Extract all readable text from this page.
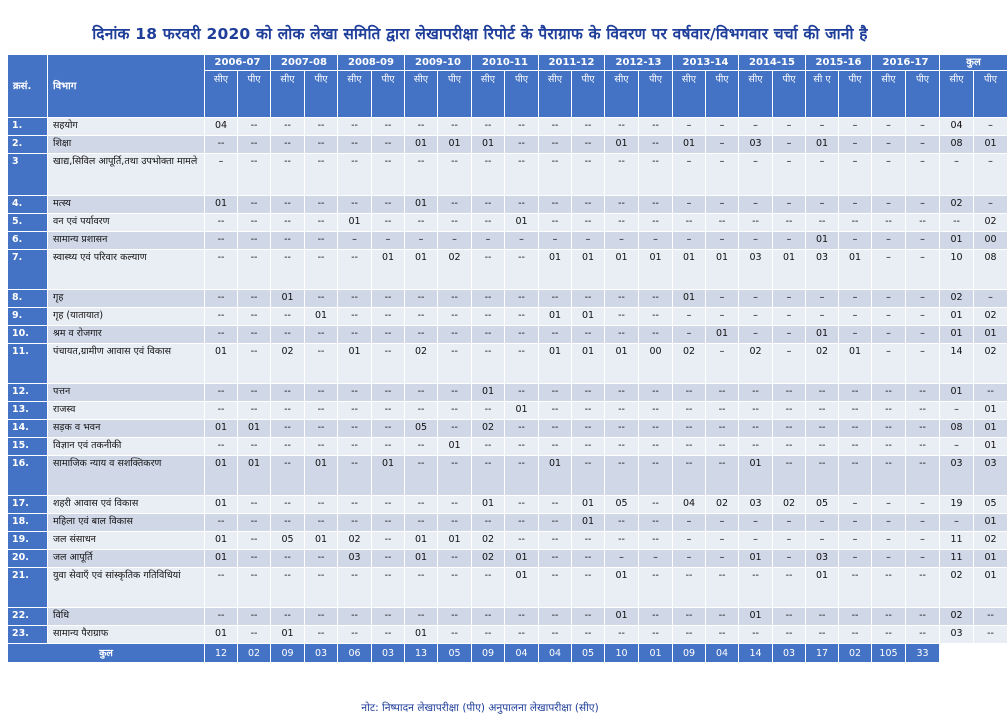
दिनांक 18 फरवरी 2020 को लोक लेखा समिति द्वारा लेखापरीक्षा रिपोर्ट के पैराग्राफ के विवरण पर वर्षवार/विभगवार चर्चा की जानी है
क्रसं.	विभाग	2006-07		2007-08		2008-09		2009-10		2010-11		2011-12		2012-13		2013-14		2014-15		2015-16		2016-17		कुल	
		सीए	पीए	सीए	पीए	सीए	पीए	सीए	पीए	सीए	पीए	सीए	पीए	सीए	पीए	सीए	पीए	सीए	पीए	सी ए	पीए	सीए	पीए	सीए	पीए
1.	सहयोग	04	--	--	--	--	--	--	--	--	--	--	--	--	--	–	–	–	–	–	–	–	–	04	–
2.	शिक्षा	--	--	--	--	--	--	01	01	01	--	--	--	01	--	01	–	03	–	01	–	–	–	08	01
3	खाद्य,सिविल आपूर्ति,तथा उपभोक्ता मामले	–	--	--	--	--	--	--	--	--	--	--	--	--	--	–	–	–	–	–	–	–	–	–	–
4.	मत्स्य	01	--	--	--	--	--	01	--	--	--	--	--	--	--	–	–	–	–	–	–	–	–	02	–
5.	वन एवं पर्यावरण	--	--	--	--	01	--	--	--	--	01	--	--	--	--	--	--	--	--	--	--	--	--	--	02
6.	सामान्य प्रशासन	--	--	--	--	–	–	–	–	–	–	–	–	–	–	–	–	–	–	01	–	–	–	01	00
7.	स्वास्थ्य एवं परिवार कल्याण	--	--	--	--	--	01	01	02	--	--	01	01	01	01	01	01	03	01	03	01	–	–	10	08
8.	गृह	--	--	01	--	--	--	--	--	--	--	--	--	--	--	01	–	–	–	–	–	–	–	02	–
9.	गृह (यातायात)	--	--	--	01	--	--	--	--	--	--	01	01	--	--	–	–	–	–	–	–	–	–	01	02
10.	श्रम व रोजगार	--	--	--	--	--	--	--	--	--	--	--	--	--	--	–	01	–	–	01	–	–	–	01	01
11.	पंचायत,ग्रामीण आवास एवं विकास	01	--	02	--	01	--	02	--	--	--	01	01	01	00	02	–	02	–	02	01	–	–	14	02
12.	पत्तन	--	--	--	--	--	--	--	--	01	--	--	--	--	--	--	--	--	--	--	--	--	--	01	--
13.	राजस्व	--	--	--	--	--	--	--	--	--	01	--	--	--	--	--	--	--	--	--	--	--	--	–	01
14.	सड़क व भवन	01	01	--	--	--	--	05	--	02	--	--	--	--	--	--	--	--	--	--	--	--	--	08	01
15.	विज्ञान एवं तकनीकी	--	--	--	--	--	--	--	01	--	--	--	--	--	--	--	--	--	--	--	--	--	--	–	01
16.	सामाजिक न्याय व सशक्तिकरण	01	01	--	01	--	01	--	--	--	--	01	--	--	--	--	--	01	--	--	--	--	--	03	03
17.	शहरी आवास एवं विकास	01	--	--	--	--	--	--	--	01	--	--	01	05	--	04	02	03	02	05	–	–	–	19	05
18.	महिला एवं बाल विकास	--	--	--	--	--	--	--	--	--	--	--	01	--	--	–	–	–	–	–	–	–	–	–	01
19.	जल संसाधन	01	--	05	01	02	--	01	01	02	--	--	--	--	--	–	–	–	–	–	–	–	–	11	02
20.	जल आपूर्ति	01	--	--	--	03	--	01	--	02	01	--	--	–	–	–	–	01	–	03	–	–	–	11	01
21.	युवा सेवाएँ एवं सांस्कृतिक गतिविधियां	--	--	--	--	--	--	--	--	--	01	--	--	01	--	--	--	--	--	01	--	--	--	02	01
22.	विधि	--	--	--	--	--	--	--	--	--	--	--	--	01	--	--	--	01	--	--	--	--	--	02	--
23.	सामान्य पैराग्राफ	01	--	01	--	--	--	01	--	--	--	--	--	--	--	--	--	--	--	--	--	--	--	03	--
कुल		12	02	09	03	06	03	13	05	09	04	04	05	10	01	09	04	14	03	17	02	105	33		
नोट: निष्पादन लेखापरीक्षा (पीए) अनुपालना लेखापरीक्षा (सीए)
